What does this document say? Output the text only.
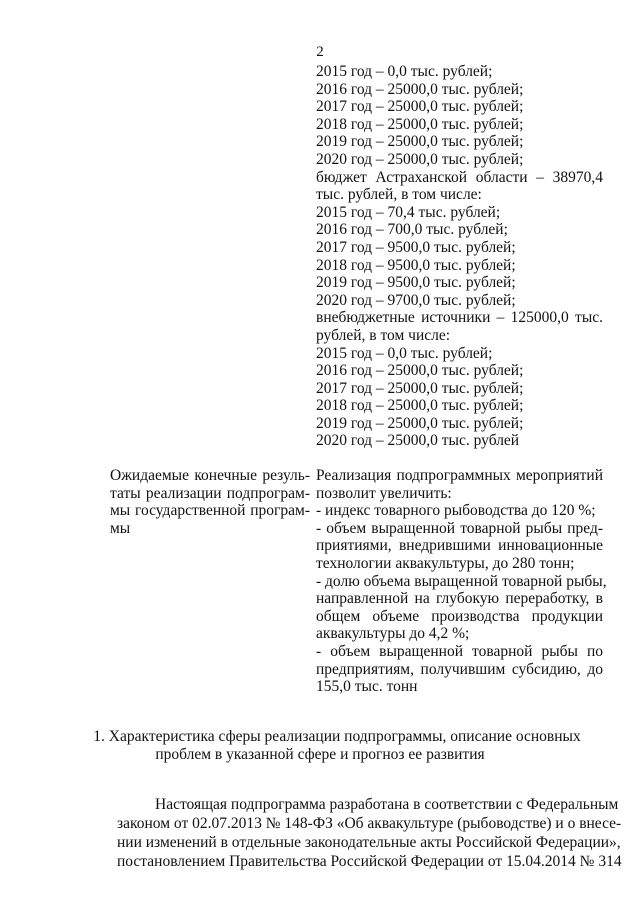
2
2015 год – 0,0 тыс. рублей;
2016 год – 25000,0 тыс. рублей;
2017 год – 25000,0 тыс. рублей;
2018 год – 25000,0 тыс. рублей;
2019 год – 25000,0 тыс. рублей;
2020 год – 25000,0 тыс. рублей;
бюджет Астраханской области – 38970,4
тыс. рублей, в том числе:
2015 год – 70,4 тыс. рублей;
2016 год – 700,0 тыс. рублей;
2017 год – 9500,0 тыс. рублей;
2018 год – 9500,0 тыс. рублей;
2019 год – 9500,0 тыс. рублей;
2020 год – 9700,0 тыс. рублей;
внебюджетные источники – 125000,0 тыс.
рублей, в том числе:
2015 год – 0,0 тыс. рублей;
2016 год – 25000,0 тыс. рублей;
2017 год – 25000,0 тыс. рублей;
2018 год – 25000,0 тыс. рублей;
2019 год – 25000,0 тыс. рублей;
2020 год – 25000,0 тыс. рублей
Ожидаемые конечные резуль-
таты реализации подпрограм-
мы государственной програм-
мы
Реализация подпрограммных мероприятий
позволит увеличить:
- индекс товарного рыбоводства до 120 %;
- объем выращенной товарной рыбы пред-
приятиями, внедрившими инновационные
технологии аквакультуры, до 280 тонн;
- долю объема выращенной товарной рыбы,
направленной на глубокую переработку, в
общем объеме производства продукции
аквакультуры до 4,2 %;
- объем выращенной товарной рыбы по
предприятиям, получившим субсидию, до
155,0 тыс. тонн
1. Характеристика сферы реализации подпрограммы, описание основных
проблем в указанной сфере и прогноз ее развития
Настоящая подпрограмма разработана в соответствии с Федеральным
законом от 02.07.2013 № 148-ФЗ «Об аквакультуре (рыбоводстве) и о внесе-
нии изменений в отдельные законодательные акты Российской Федерации»,
постановлением Правительства Российской Федерации от 15.04.2014 № 314
